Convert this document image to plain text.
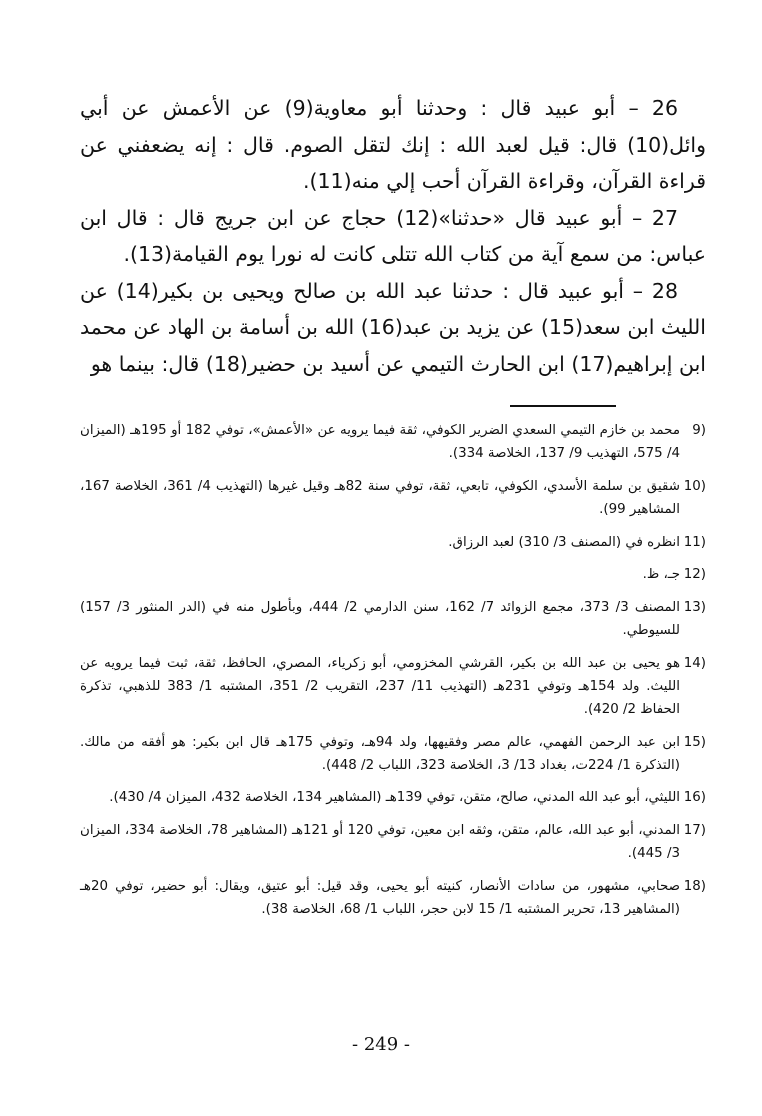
26 – أبو عبيد قال : وحدثنا أبو معاوية(9) عن الأعمش عن أبي وائل(10) قال: قيل لعبد الله : إنك لتقل الصوم. قال : إنه يضعفني عن قراءة القرآن، وقراءة القرآن أحب إلي منه(11).

27 – أبو عبيد قال «حدثنا»(12) حجاج عن ابن جريج قال : قال ابن عباس: من سمع آية من كتاب الله تتلى كانت له نورا يوم القيامة(13).

28 – أبو عبيد قال : حدثنا عبد الله بن صالح ويحيى بن بكير(14) عن الليث ابن سعد(15) عن يزيد بن عبد(16) الله بن أسامة بن الهاد عن محمد ابن إبراهيم(17) ابن الحارث التيمي عن أسيد بن حضير(18) قال: بينما هو

(9
محمد بن خازم التيمي السعدي الضرير الكوفي، ثقة فيما يرويه عن «الأعمش»، توفي 182 أو 195هـ (الميزان 4/ 575، التهذيب 9/ 137، الخلاصة 334).
(10
شقيق بن سلمة الأسدي، الكوفي، تابعي، ثقة، توفي سنة 82هـ وقيل غيرها (التهذيب 4/ 361، الخلاصة 167، المشاهير 99).
(11
انظره في (المصنف 3/ 310) لعبد الرزاق.
(12
جـ، ظ.
(13
المصنف 3/ 373، مجمع الزوائد 7/ 162، سنن الدارمي 2/ 444، وبأطول منه في (الدر المنثور 3/ 157) للسيوطي.
(14
هو يحيى بن عبد الله بن بكير، القرشي المخزومي، أبو زكرياء، المصري، الحافظ، ثقة، ثبت فيما يرويه عن الليث. ولد 154هـ وتوفي 231هـ (التهذيب 11/ 237، التقريب 2/ 351، المشتبه 1/ 383 للذهبي، تذكرة الحفاظ 2/ 420).
(15
ابن عبد الرحمن الفهمي، عالم مصر وفقيهها، ولد 94هـ، وتوفي 175هـ قال ابن بكير: هو أفقه من مالك. (التذكرة 1/ 224ت، بغداد 13/ 3، الخلاصة 323، اللباب 2/ 448).
(16
الليثي، أبو عبد الله المدني، صالح، متقن، توفي 139هـ (المشاهير 134، الخلاصة 432، الميزان 4/ 430).
(17
المدني، أبو عبد الله، عالم، متقن، وثقه ابن معين، توفي 120 أو 121هـ (المشاهير 78، الخلاصة 334، الميزان 3/ 445).
(18
صحابي، مشهور، من سادات الأنصار، كنيته أبو يحيى، وقد قيل: أبو عتيق، ويقال: أبو حضير، توفي 20هـ (المشاهير 13، تحرير المشتبه 1/ 15 لابن حجر، اللباب 1/ 68، الخلاصة 38).
- 249 -
